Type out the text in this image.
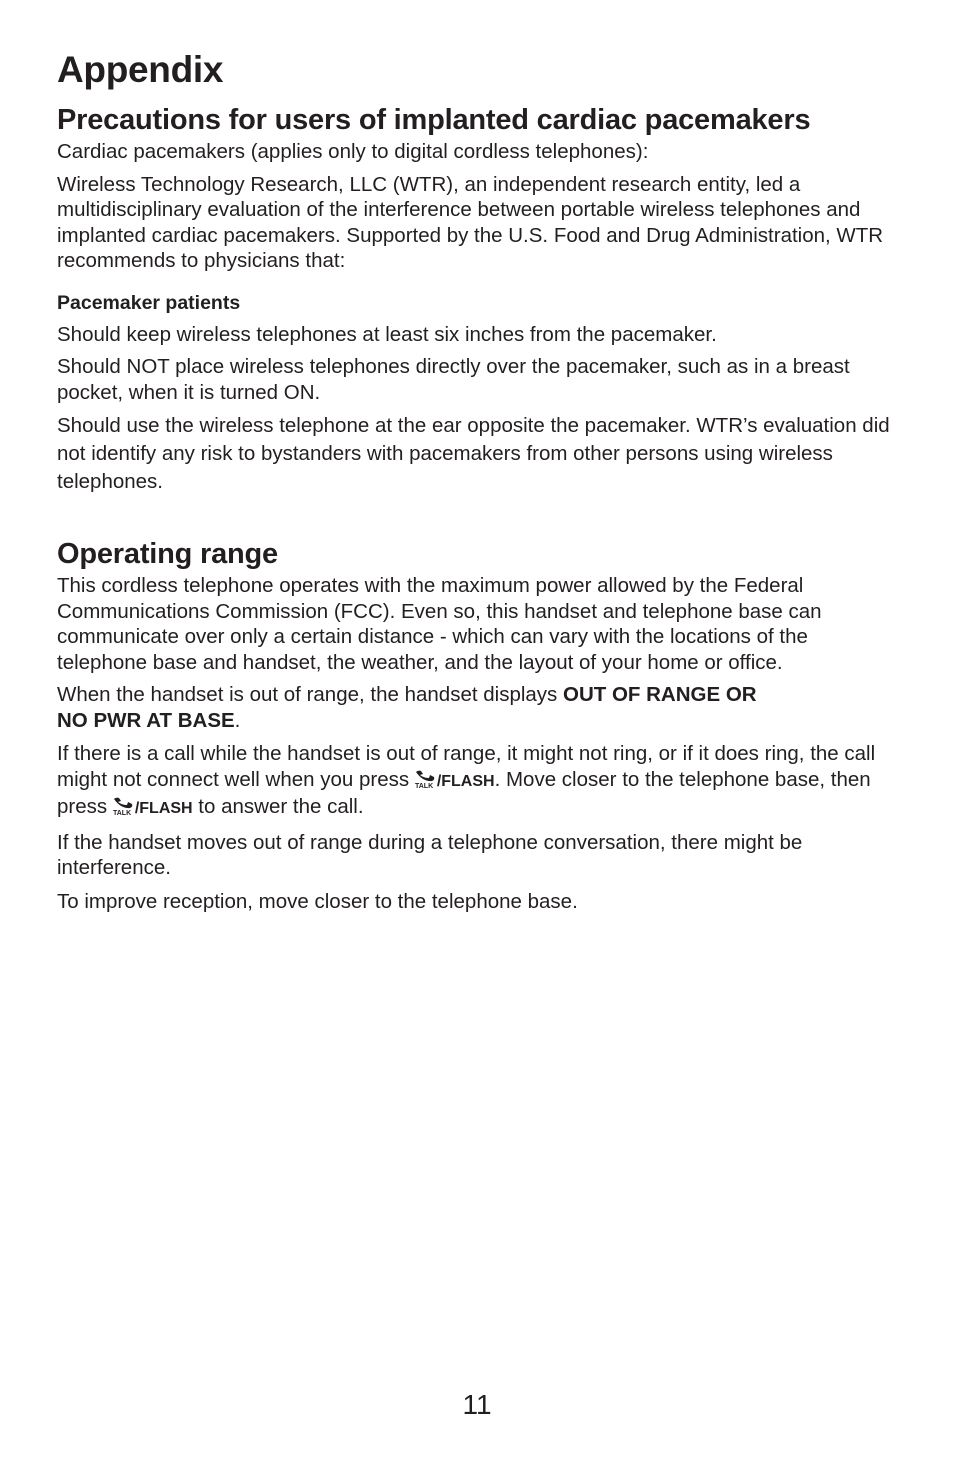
Appendix
Precautions for users of implanted cardiac pacemakers

Cardiac pacemakers (applies only to digital cordless telephones):

Wireless Technology Research, LLC (WTR), an independent research entity, led a multidisciplinary evaluation of the interference between portable wireless telephones and implanted cardiac pacemakers. Supported by the U.S. Food and Drug Administration, WTR recommends to physicians that:

Pacemaker patients

Should keep wireless telephones at least six inches from the pacemaker.

Should NOT place wireless telephones directly over the pacemaker, such as in a breast pocket, when it is turned ON.

Should use the wireless telephone at the ear opposite the pacemaker. WTR’s evaluation did not identify any risk to bystanders with pacemakers from other persons using wireless telephones.

Operating range

This cordless telephone operates with the maximum power allowed by the Federal Communications Commission (FCC). Even so, this handset and telephone base can communicate over only a certain distance - which can vary with the locations of the telephone base and handset, the weather, and the layout of your home or office.

When the handset is out of range, the handset displays OUT OF RANGE OR
NO PWR AT BASE.

If there is a call while the handset is out of range, it might not ring, or if it does ring, the call might not connect well when you press TALK /FLASH. Move closer to the telephone base, then press TALK /FLASH to answer the call.

If the handset moves out of range during a telephone conversation, there might be interference.

To improve reception, move closer to the telephone base.

11
